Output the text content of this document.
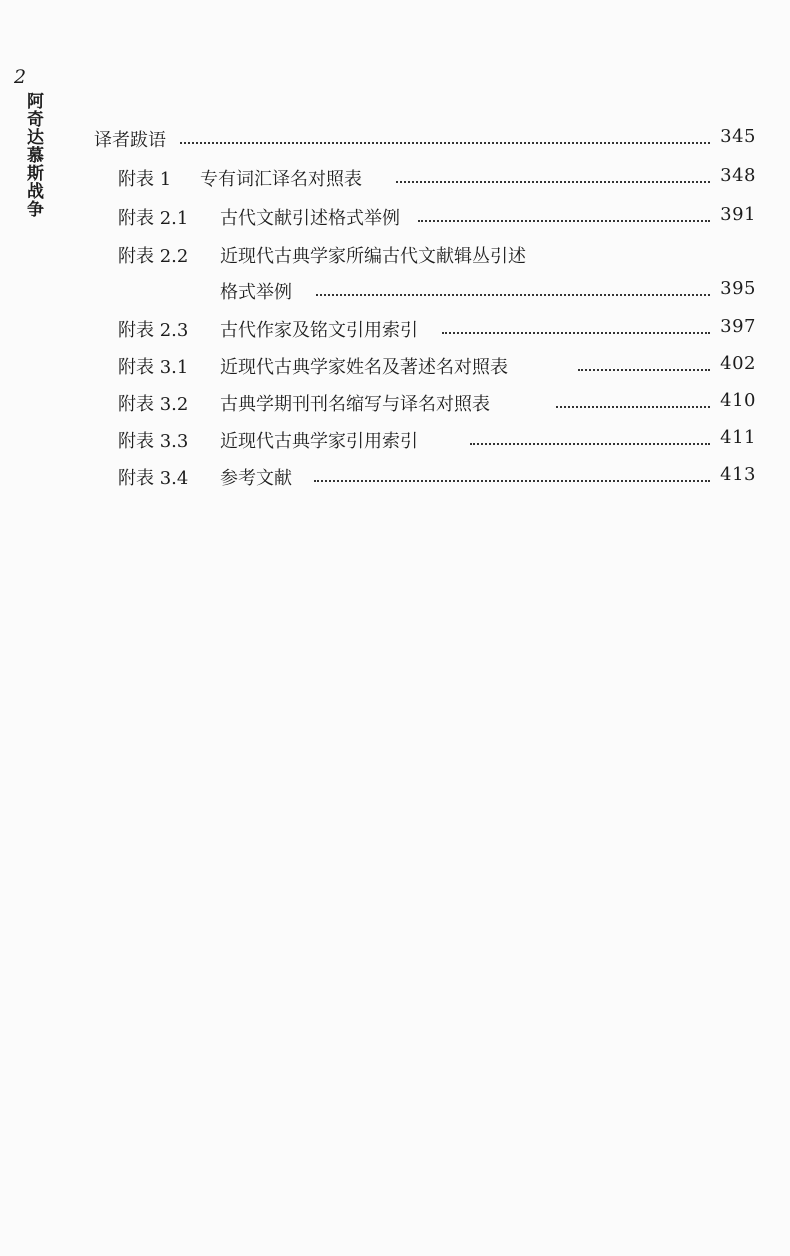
2
阿奇达慕斯战争	译者跋语	345
附表 1 专有词汇译名对照表	348
附表 2.1 古代文献引述格式举例	391
附表 2.2 近现代古典学家所编古代文献辑丛引述
格式举例	395
附表 2.3 古代作家及铭文引用索引	397
附表 3.1 近现代古典学家姓名及著述名对照表	402
附表 3.2 古典学期刊刊名缩写与译名对照表	410
附表 3.3 近现代古典学家引用索引	411
附表 3.4 参考文献	413
